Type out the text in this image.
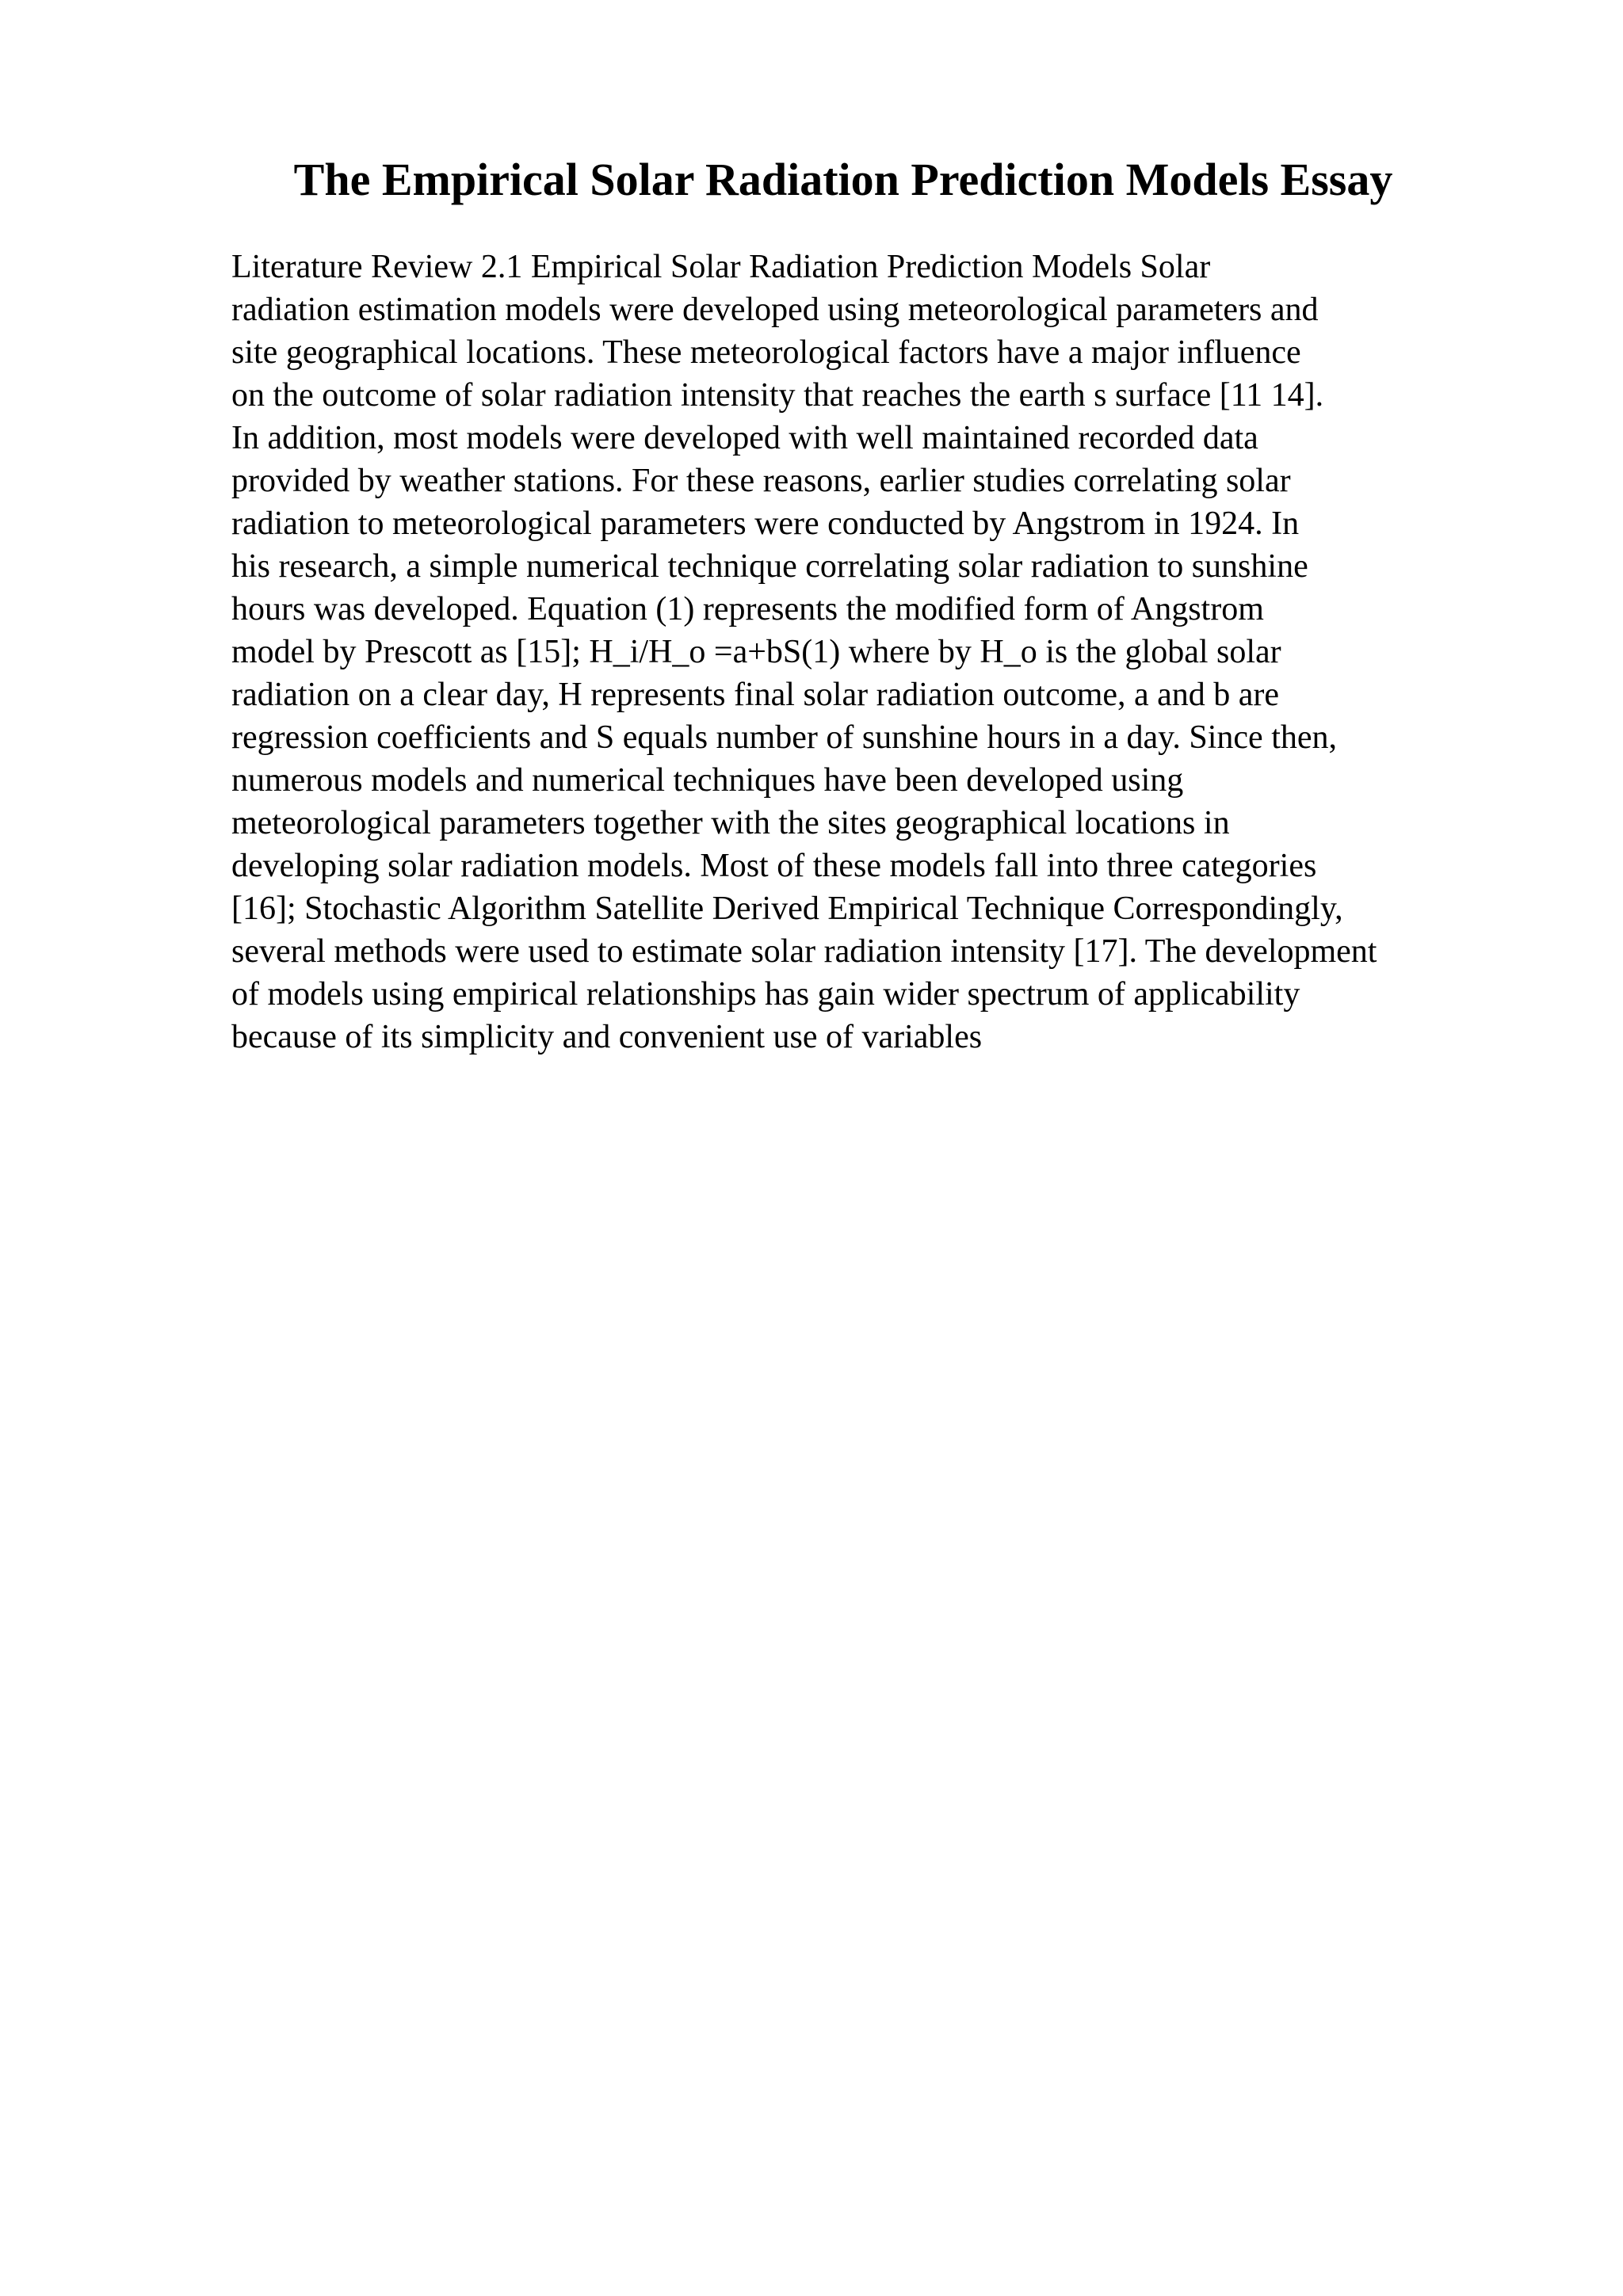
The Empirical Solar Radiation Prediction Models Essay
Literature Review 2.1 Empirical Solar Radiation Prediction Models Solar
radiation estimation models were developed using meteorological parameters and
site geographical locations. These meteorological factors have a major influence
on the outcome of solar radiation intensity that reaches the earth s surface [11 14].
In addition, most models were developed with well maintained recorded data
provided by weather stations. For these reasons, earlier studies correlating solar
radiation to meteorological parameters were conducted by Angstrom in 1924. In
his research, a simple numerical technique correlating solar radiation to sunshine
hours was developed. Equation (1) represents the modified form of Angstrom
model by Prescott as [15]; H_i/H_o =a+bS(1) where by H_o is the global solar
radiation on a clear day, H represents final solar radiation outcome, a and b are
regression coefficients and S equals number of sunshine hours in a day. Since then,
numerous models and numerical techniques have been developed using
meteorological parameters together with the sites geographical locations in
developing solar radiation models. Most of these models fall into three categories
[16]; Stochastic Algorithm Satellite Derived Empirical Technique Correspondingly,
several methods were used to estimate solar radiation intensity [17]. The development
of models using empirical relationships has gain wider spectrum of applicability
because of its simplicity and convenient use of variables
